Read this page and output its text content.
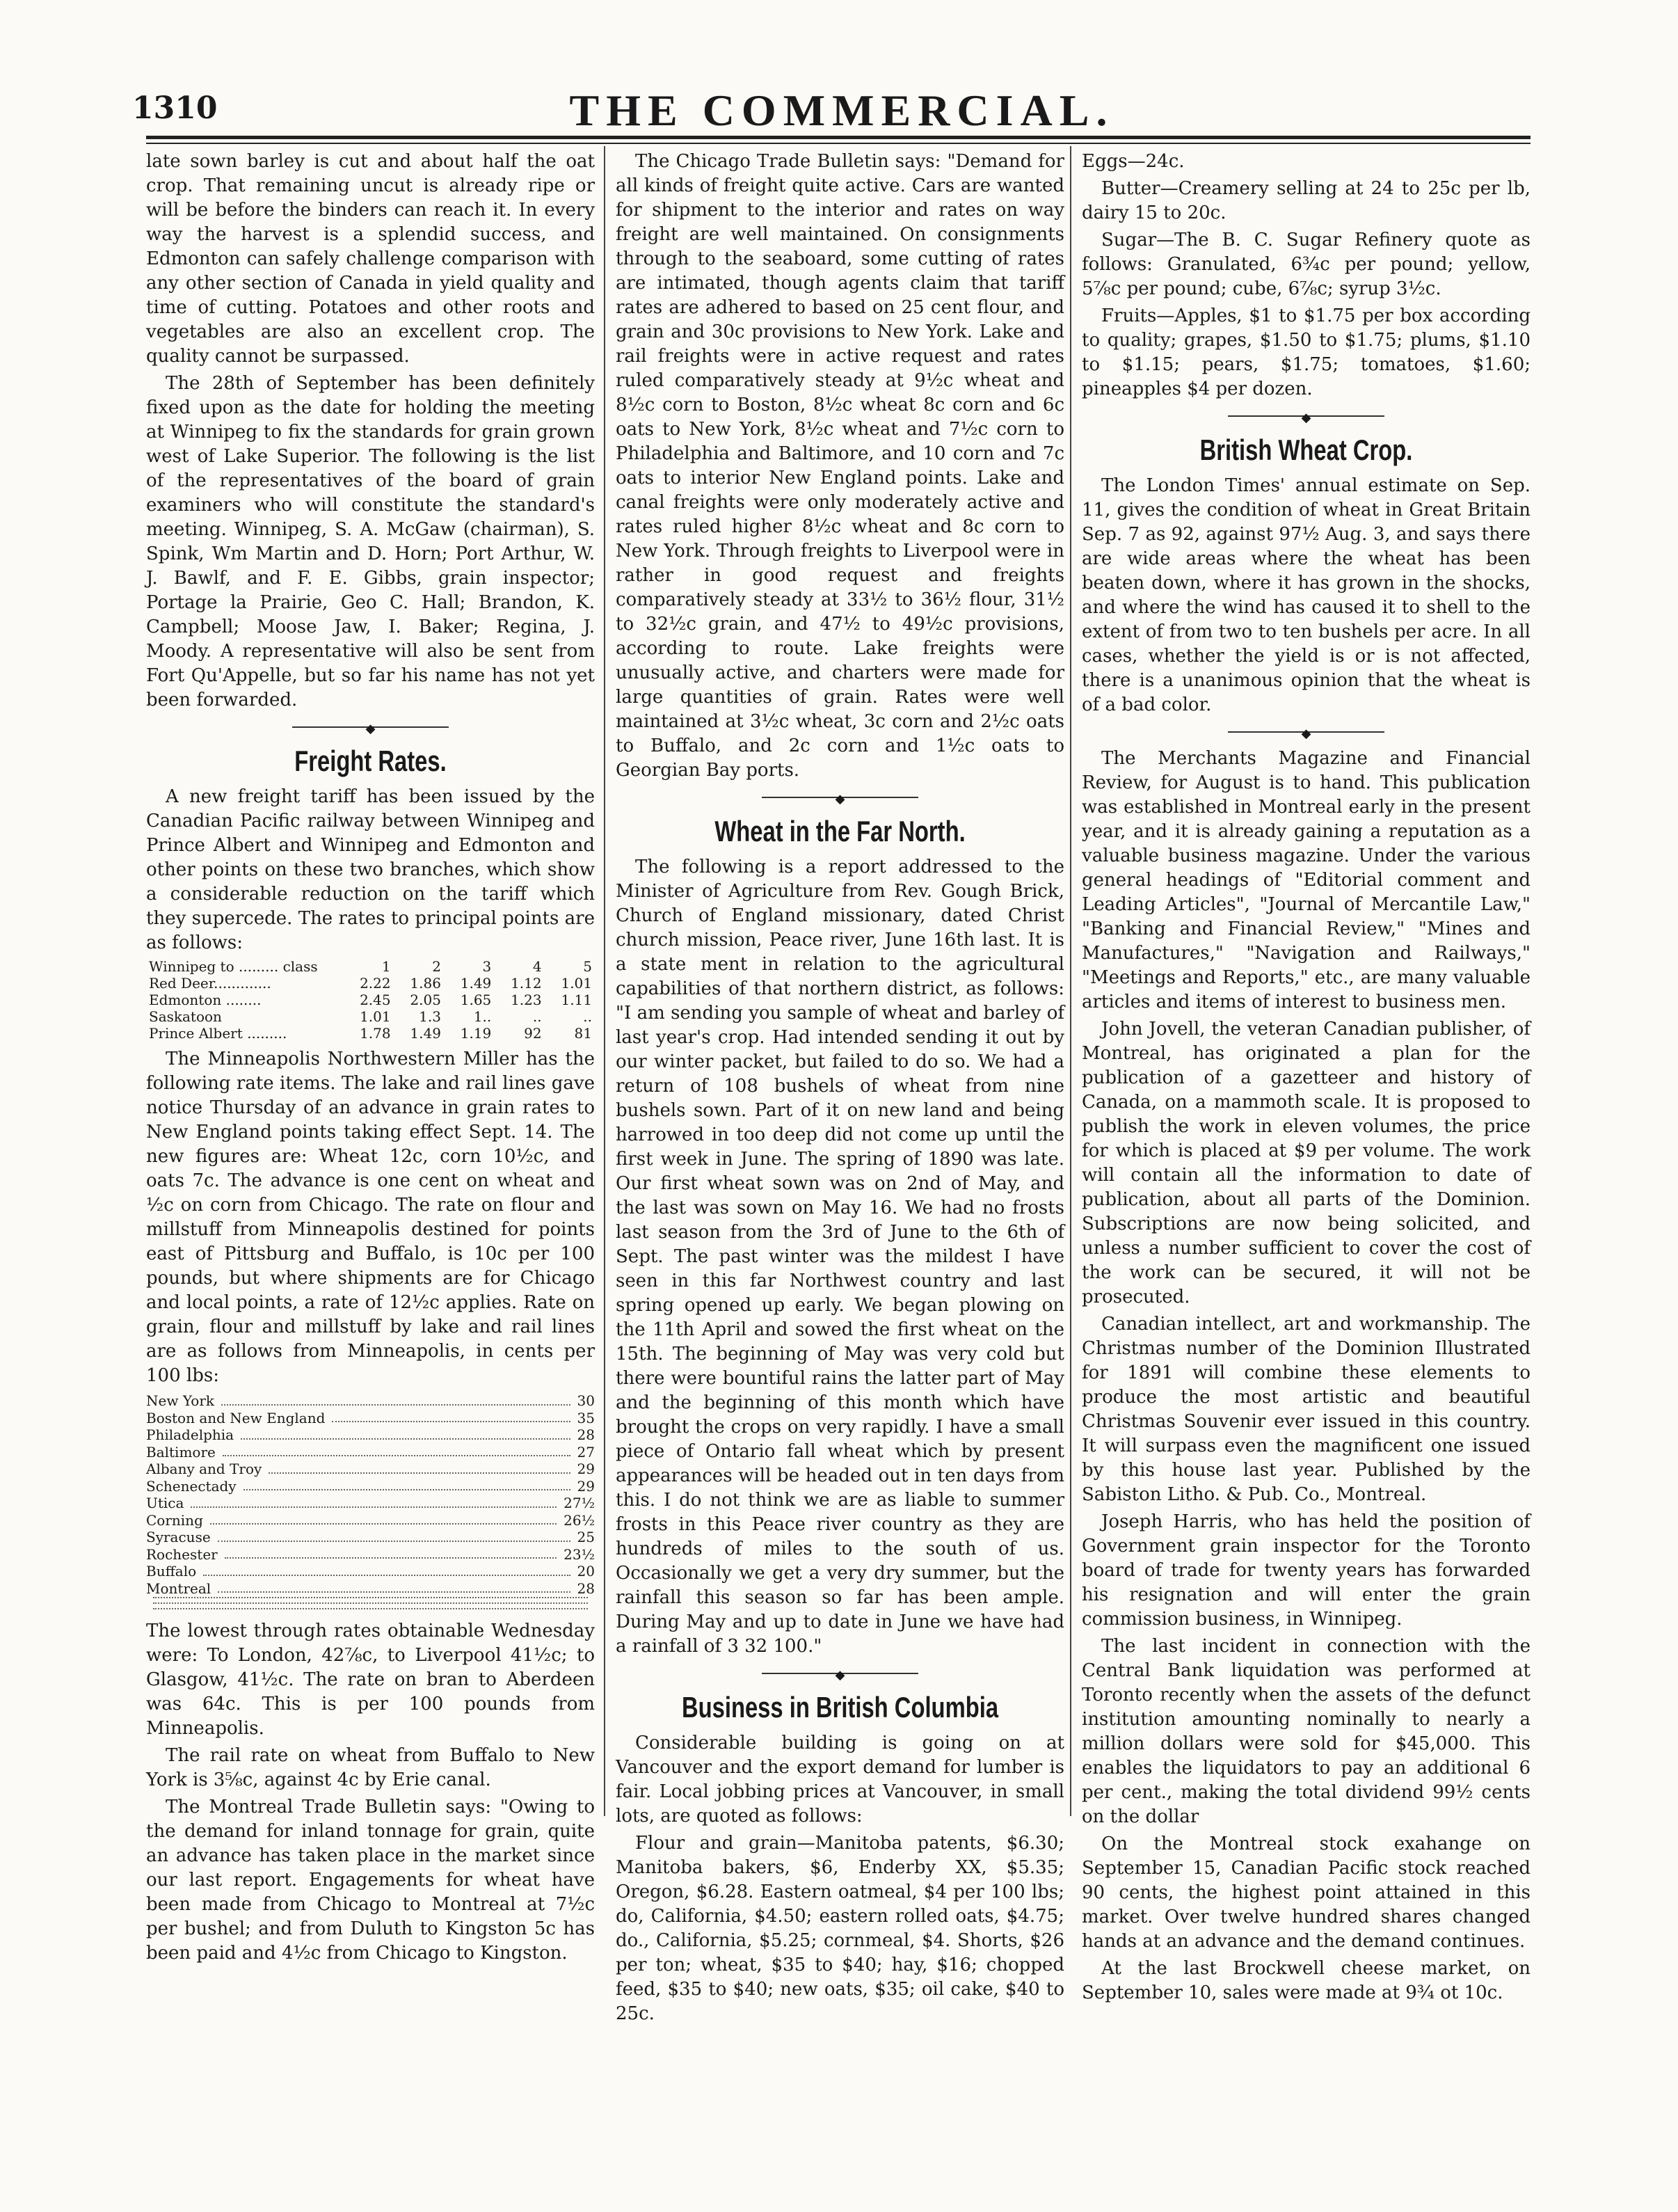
1310	THE COMMERCIAL.

late sown barley is cut and about half the oat crop. That remaining uncut is already ripe or will be before the binders can reach it. In every way the harvest is a splendid success, and Edmonton can safely challenge comparison with any other section of Canada in yield quality and time of cutting. Potatoes and other roots and vegetables are also an excellent crop. The quality cannot be surpassed.

The 28th of September has been definitely fixed upon as the date for holding the meeting at Winnipeg to fix the standards for grain grown west of Lake Superior. The following is the list of the representatives of the board of grain examiners who will constitute the standard's meeting. Winnipeg, S. A. McGaw (chairman), S. Spink, Wm Martin and D. Horn; Port Arthur, W. J. Bawlf, and F. E. Gibbs, grain inspector; Portage la Prairie, Geo C. Hall; Brandon, K. Campbell; Moose Jaw, I. Baker; Regina, J. Moody. A representative will also be sent from Fort Qu'Appelle, but so far his name has not yet been forwarded.

◆
Freight Rates.

A new freight tariff has been issued by the Canadian Pacific railway between Winnipeg and Prince Albert and Winnipeg and Edmonton and other points on these two branches, which show a considerable reduction on the tariff which they supercede. The rates to principal points are as follows:

Winnipeg to ......... class	1	2	3	4	5
Red Deer.............	2.22	1.86	1.49	1.12	1.01
Edmonton ........	2.45	2.05	1.65	1.23	1.11
Saskatoon	1.01	1.3	1..	..	..
Prince Albert .........	1.78	1.49	1.19	92	81

The Minneapolis Northwestern Miller has the following rate items. The lake and rail lines gave notice Thursday of an advance in grain rates to New England points taking effect Sept. 14. The new figures are: Wheat 12c, corn 10½c, and oats 7c. The advance is one cent on wheat and ½c on corn from Chicago. The rate on flour and millstuff from Minneapolis destined for points east of Pittsburg and Buffalo, is 10c per 100 pounds, but where shipments are for Chicago and local points, a rate of 12½c applies. Rate on grain, flour and millstuff by lake and rail lines are as follows from Minneapolis, in cents per 100 lbs:

New York	30
Boston and New England	35
Philadelphia	28
Baltimore	27
Albany and Troy	29
Schenectady	29
Utica	27½
Corning	26½
Syracuse	25
Rochester	23½
Buffalo	20
Montreal	28

The lowest through rates obtainable Wednesday were: To London, 42⅞c, to Liverpool 41½c; to Glasgow, 41½c. The rate on bran to Aberdeen was 64c. This is per 100 pounds from Minneapolis.

The rail rate on wheat from Buffalo to New York is 3⅝c, against 4c by Erie canal.

The Montreal Trade Bulletin says: "Owing to the demand for inland tonnage for grain, quite an advance has taken place in the market since our last report. Engagements for wheat have been made from Chicago to Montreal at 7½c per bushel; and from Duluth to Kingston 5c has been paid and 4½c from Chicago to Kingston.

The Chicago Trade Bulletin says: "Demand for all kinds of freight quite active. Cars are wanted for shipment to the interior and rates on way freight are well maintained. On consignments through to the seaboard, some cutting of rates are intimated, though agents claim that tariff rates are adhered to based on 25 cent flour, and grain and 30c provisions to New York. Lake and rail freights were in active request and rates ruled comparatively steady at 9½c wheat and 8½c corn to Boston, 8½c wheat 8c corn and 6c oats to New York, 8½c wheat and 7½c corn to Philadelphia and Baltimore, and 10 corn and 7c oats to interior New England points. Lake and canal freights were only moderately active and rates ruled higher 8½c wheat and 8c corn to New York. Through freights to Liverpool were in rather in good request and freights comparatively steady at 33½ to 36½ flour, 31½ to 32½c grain, and 47½ to 49½c provisions, according to route. Lake freights were unusually active, and charters were made for large quantities of grain. Rates were well maintained at 3½c wheat, 3c corn and 2½c oats to Buffalo, and 2c corn and 1½c oats to Georgian Bay ports.

◆
Wheat in the Far North.

The following is a report addressed to the Minister of Agriculture from Rev. Gough Brick, Church of England missionary, dated Christ church mission, Peace river, June 16th last. It is a state ment in relation to the agricultural capabilities of that northern district, as follows: "I am sending you sample of wheat and barley of last year's crop. Had intended sending it out by our winter packet, but failed to do so. We had a return of 108 bushels of wheat from nine bushels sown. Part of it on new land and being harrowed in too deep did not come up until the first week in June. The spring of 1890 was late. Our first wheat sown was on 2nd of May, and the last was sown on May 16. We had no frosts last season from the 3rd of June to the 6th of Sept. The past winter was the mildest I have seen in this far Northwest country and last spring opened up early. We began plowing on the 11th April and sowed the first wheat on the 15th. The beginning of May was very cold but there were bountiful rains the latter part of May and the beginning of this month which have brought the crops on very rapidly. I have a small piece of Ontario fall wheat which by present appearances will be headed out in ten days from this. I do not think we are as liable to summer frosts in this Peace river country as they are hundreds of miles to the south of us. Occasionally we get a very dry summer, but the rainfall this season so far has been ample. During May and up to date in June we have had a rainfall of 3 32 100."

◆
Business in British Columbia

Considerable building is going on at Vancouver and the export demand for lumber is fair. Local jobbing prices at Vancouver, in small lots, are quoted as follows:

Flour and grain—Manitoba patents, $6.30; Manitoba bakers, $6, Enderby XX, $5.35; Oregon, $6.28. Eastern oatmeal, $4 per 100 lbs; do, California, $4.50; eastern rolled oats, $4.75; do., California, $5.25; cornmeal, $4. Shorts, $26 per ton; wheat, $35 to $40; hay, $16; chopped feed, $35 to $40; new oats, $35; oil cake, $40 to 25c.

Eggs—24c.

Butter—Creamery selling at 24 to 25c per lb, dairy 15 to 20c.

Sugar—The B. C. Sugar Refinery quote as follows: Granulated, 6¾c per pound; yellow, 5⅞c per pound; cube, 6⅞c; syrup 3½c.

Fruits—Apples, $1 to $1.75 per box according to quality; grapes, $1.50 to $1.75; plums, $1.10 to $1.15; pears, $1.75; tomatoes, $1.60; pineapples $4 per dozen.

◆
British Wheat Crop.

The London Times' annual estimate on Sep. 11, gives the condition of wheat in Great Britain Sep. 7 as 92, against 97½ Aug. 3, and says there are wide areas where the wheat has been beaten down, where it has grown in the shocks, and where the wind has caused it to shell to the extent of from two to ten bushels per acre. In all cases, whether the yield is or is not affected, there is a unanimous opinion that the wheat is of a bad color.

◆

The Merchants Magazine and Financial Review, for August is to hand. This publication was established in Montreal early in the present year, and it is already gaining a reputation as a valuable business magazine. Under the various general headings of "Editorial comment and Leading Articles", "Journal of Mercantile Law," "Banking and Financial Review," "Mines and Manufactures," "Navigation and Railways," "Meetings and Reports," etc., are many valuable articles and items of interest to business men.

John Jovell, the veteran Canadian publisher, of Montreal, has originated a plan for the publication of a gazetteer and history of Canada, on a mammoth scale. It is proposed to publish the work in eleven volumes, the price for which is placed at $9 per volume. The work will contain all the information to date of publication, about all parts of the Dominion. Subscriptions are now being solicited, and unless a number sufficient to cover the cost of the work can be secured, it will not be prosecuted.

Canadian intellect, art and workmanship. The Christmas number of the Dominion Illustrated for 1891 will combine these elements to produce the most artistic and beautiful Christmas Souvenir ever issued in this country. It will surpass even the magnificent one issued by this house last year. Published by the Sabiston Litho. & Pub. Co., Montreal.

Joseph Harris, who has held the position of Government grain inspector for the Toronto board of trade for twenty years has forwarded his resignation and will enter the grain commission business, in Winnipeg.

The last incident in connection with the Central Bank liquidation was performed at Toronto recently when the assets of the defunct institution amounting nominally to nearly a million dollars were sold for $45,000. This enables the liquidators to pay an additional 6 per cent., making the total dividend 99½ cents on the dollar

On the Montreal stock exahange on September 15, Canadian Pacific stock reached 90 cents, the highest point attained in this market. Over twelve hundred shares changed hands at an advance and the demand continues.

At the last Brockwell cheese market, on September 10, sales were made at 9¾ ot 10c.
